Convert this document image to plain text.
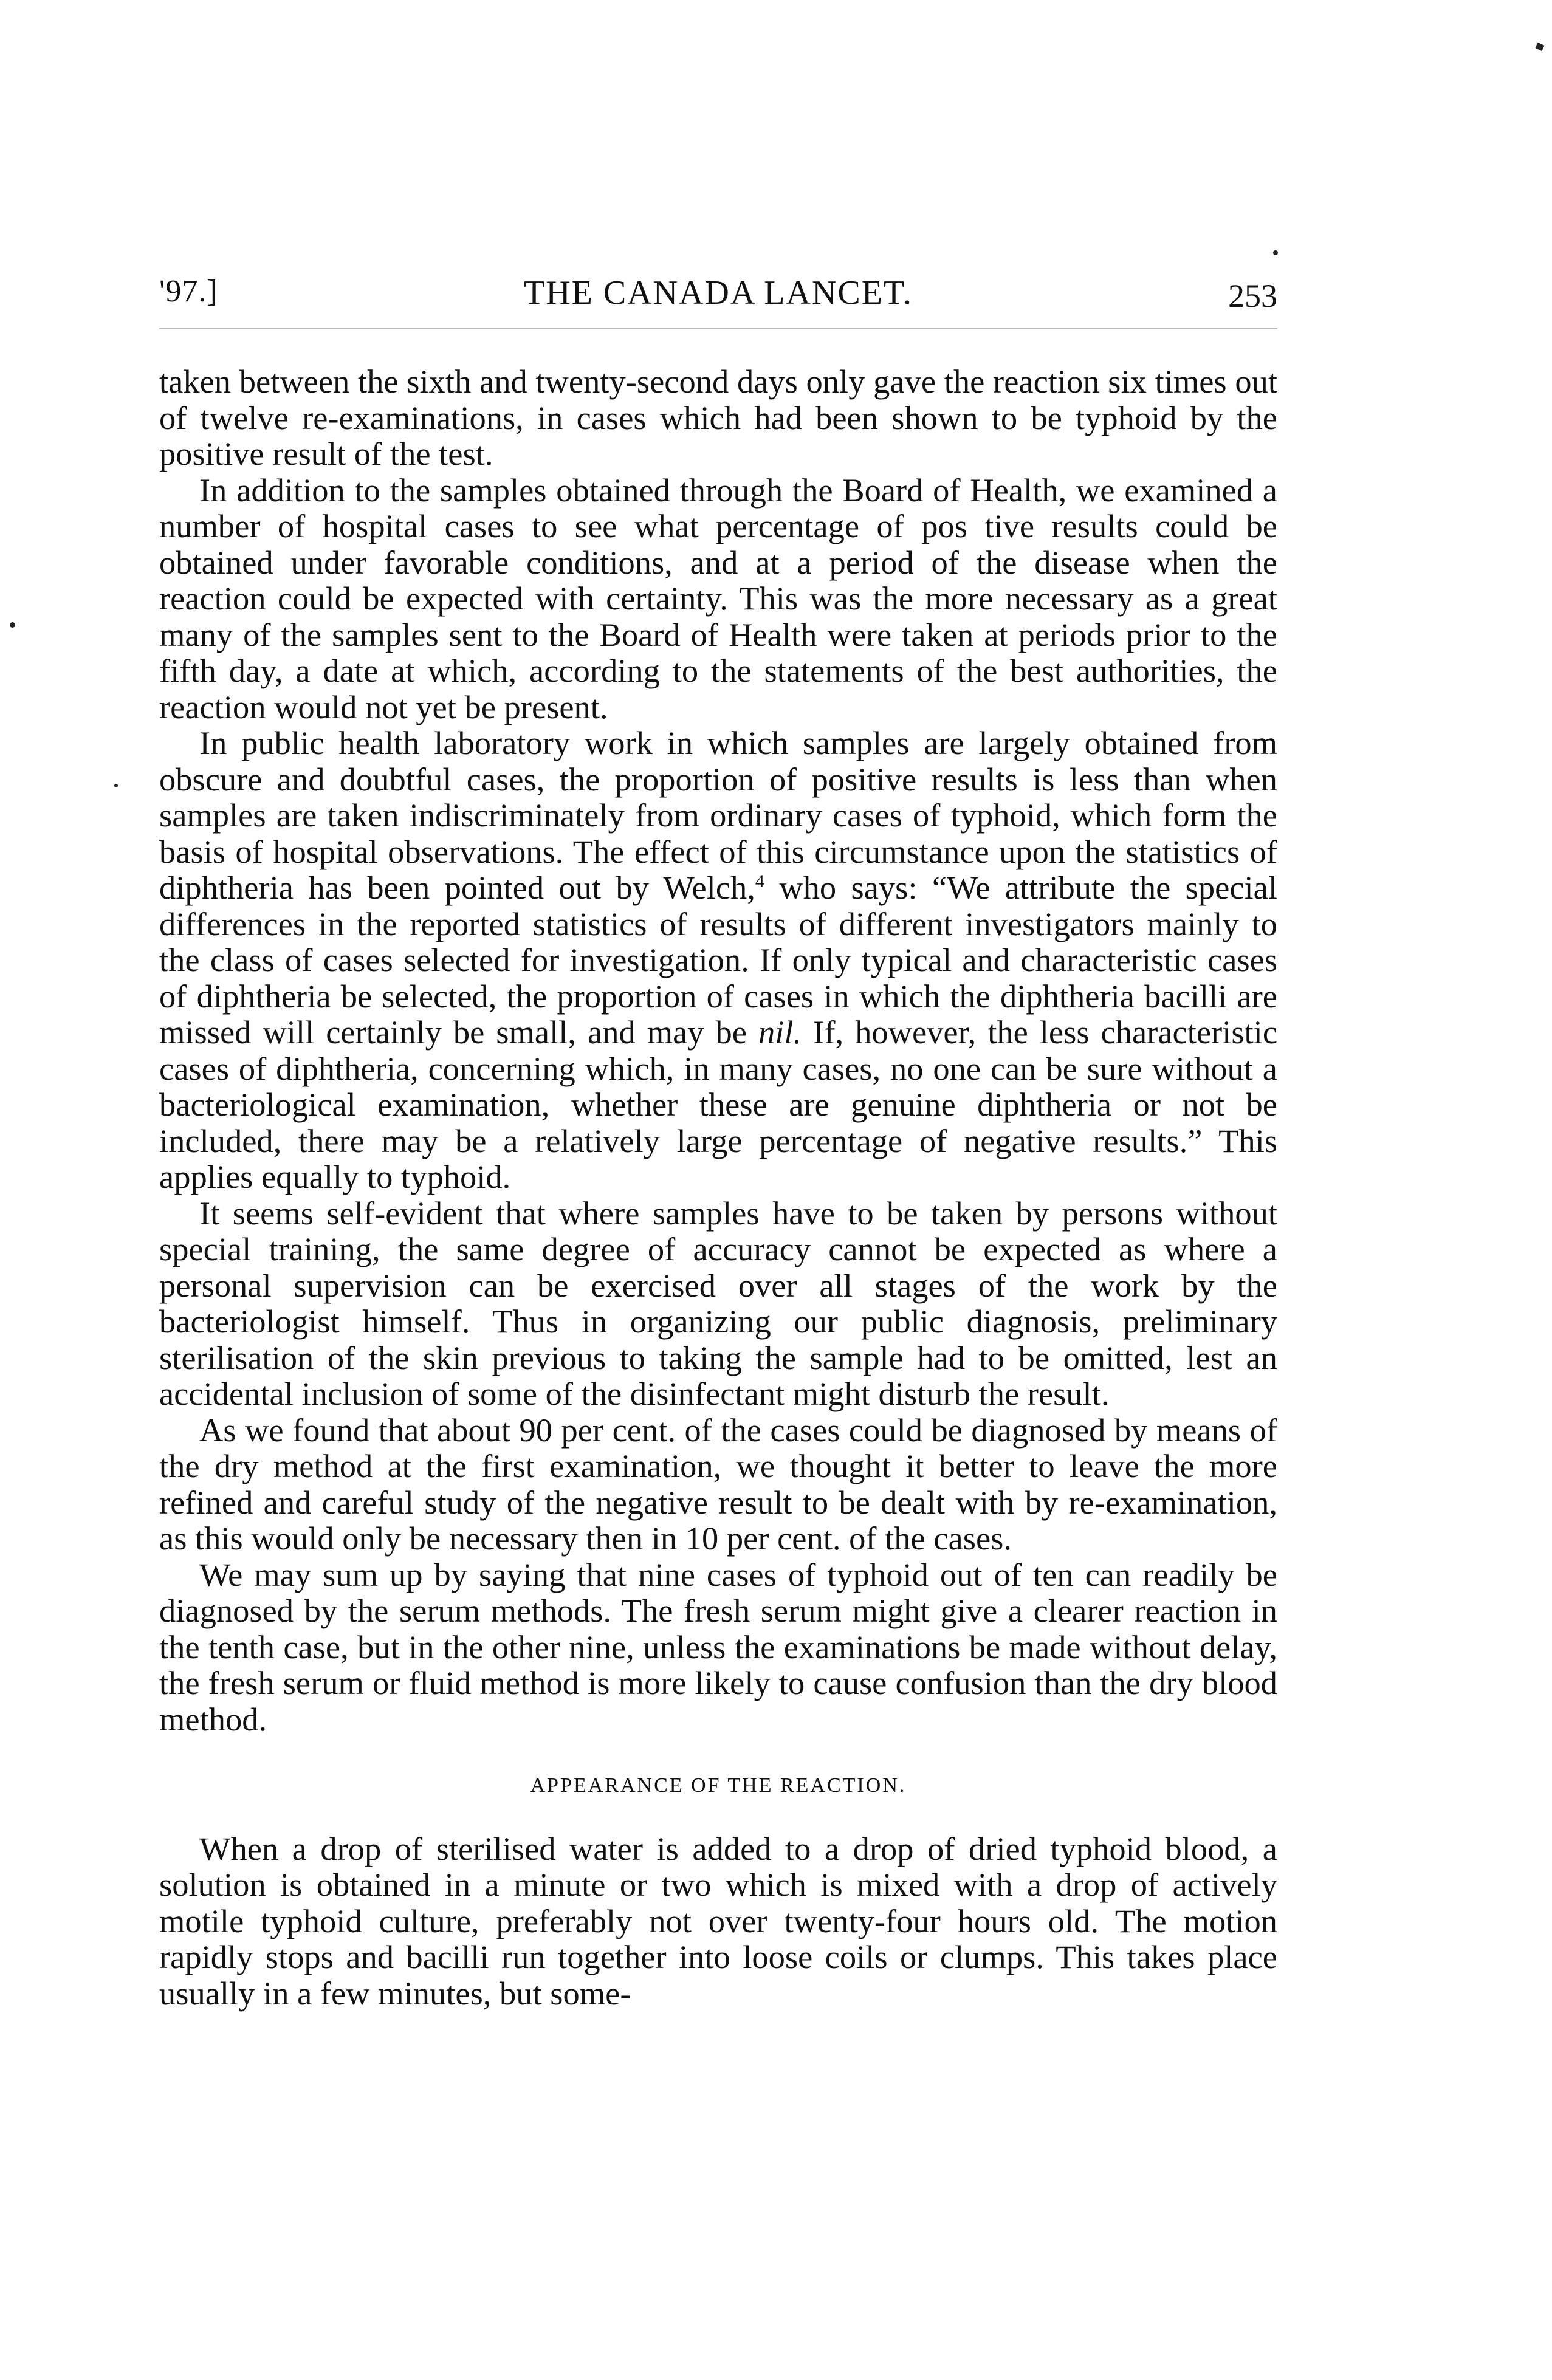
'97.]	THE CANADA LANCET.	253

taken between the sixth and twenty-second days only gave the reaction six times out of twelve re-examinations, in cases which had been shown to be typhoid by the positive result of the test.

In addition to the samples obtained through the Board of Health, we examined a number of hospital cases to see what percentage of pos tive results could be obtained under favorable conditions, and at a period of the disease when the reaction could be expected with certainty. This was the more necessary as a great many of the samples sent to the Board of Health were taken at periods prior to the fifth day, a date at which, according to the statements of the best authorities, the reaction would not yet be present.

In public health laboratory work in which samples are largely obtained from obscure and doubtful cases, the proportion of positive results is less than when samples are taken indiscriminately from ordinary cases of typhoid, which form the basis of hospital observations. The effect of this circumstance upon the statistics of diphtheria has been pointed out by Welch,$^4$ who says: “We attribute the special differences in the reported statistics of results of different investigators mainly to the class of cases selected for investigation. If only typical and characteristic cases of diphtheria be selected, the proportion of cases in which the diphtheria bacilli are missed will certainly be small, and may be nil. If, however, the less characteristic cases of diphtheria, concerning which, in many cases, no one can be sure without a bacteriological examination, whether these are genuine diphtheria or not be included, there may be a relatively large percentage of negative results.” This applies equally to typhoid.

It seems self-evident that where samples have to be taken by persons without special training, the same degree of accuracy cannot be expected as where a personal supervision can be exercised over all stages of the work by the bacteriologist himself. Thus in organizing our public diagnosis, preliminary sterilisation of the skin previous to taking the sample had to be omitted, lest an accidental inclusion of some of the disinfectant might disturb the result.

As we found that about 90 per cent. of the cases could be diagnosed by means of the dry method at the first examination, we thought it better to leave the more refined and careful study of the negative result to be dealt with by re-examination, as this would only be necessary then in 10 per cent. of the cases.

We may sum up by saying that nine cases of typhoid out of ten can readily be diagnosed by the serum methods. The fresh serum might give a clearer reaction in the tenth case, but in the other nine, unless the examinations be made without delay, the fresh serum or fluid method is more likely to cause confusion than the dry blood method.

APPEARANCE OF THE REACTION.

When a drop of sterilised water is added to a drop of dried typhoid blood, a solution is obtained in a minute or two which is mixed with a drop of actively motile typhoid culture, preferably not over twenty-four hours old. The motion rapidly stops and bacilli run together into loose coils or clumps. This takes place usually in a few minutes, but some-
